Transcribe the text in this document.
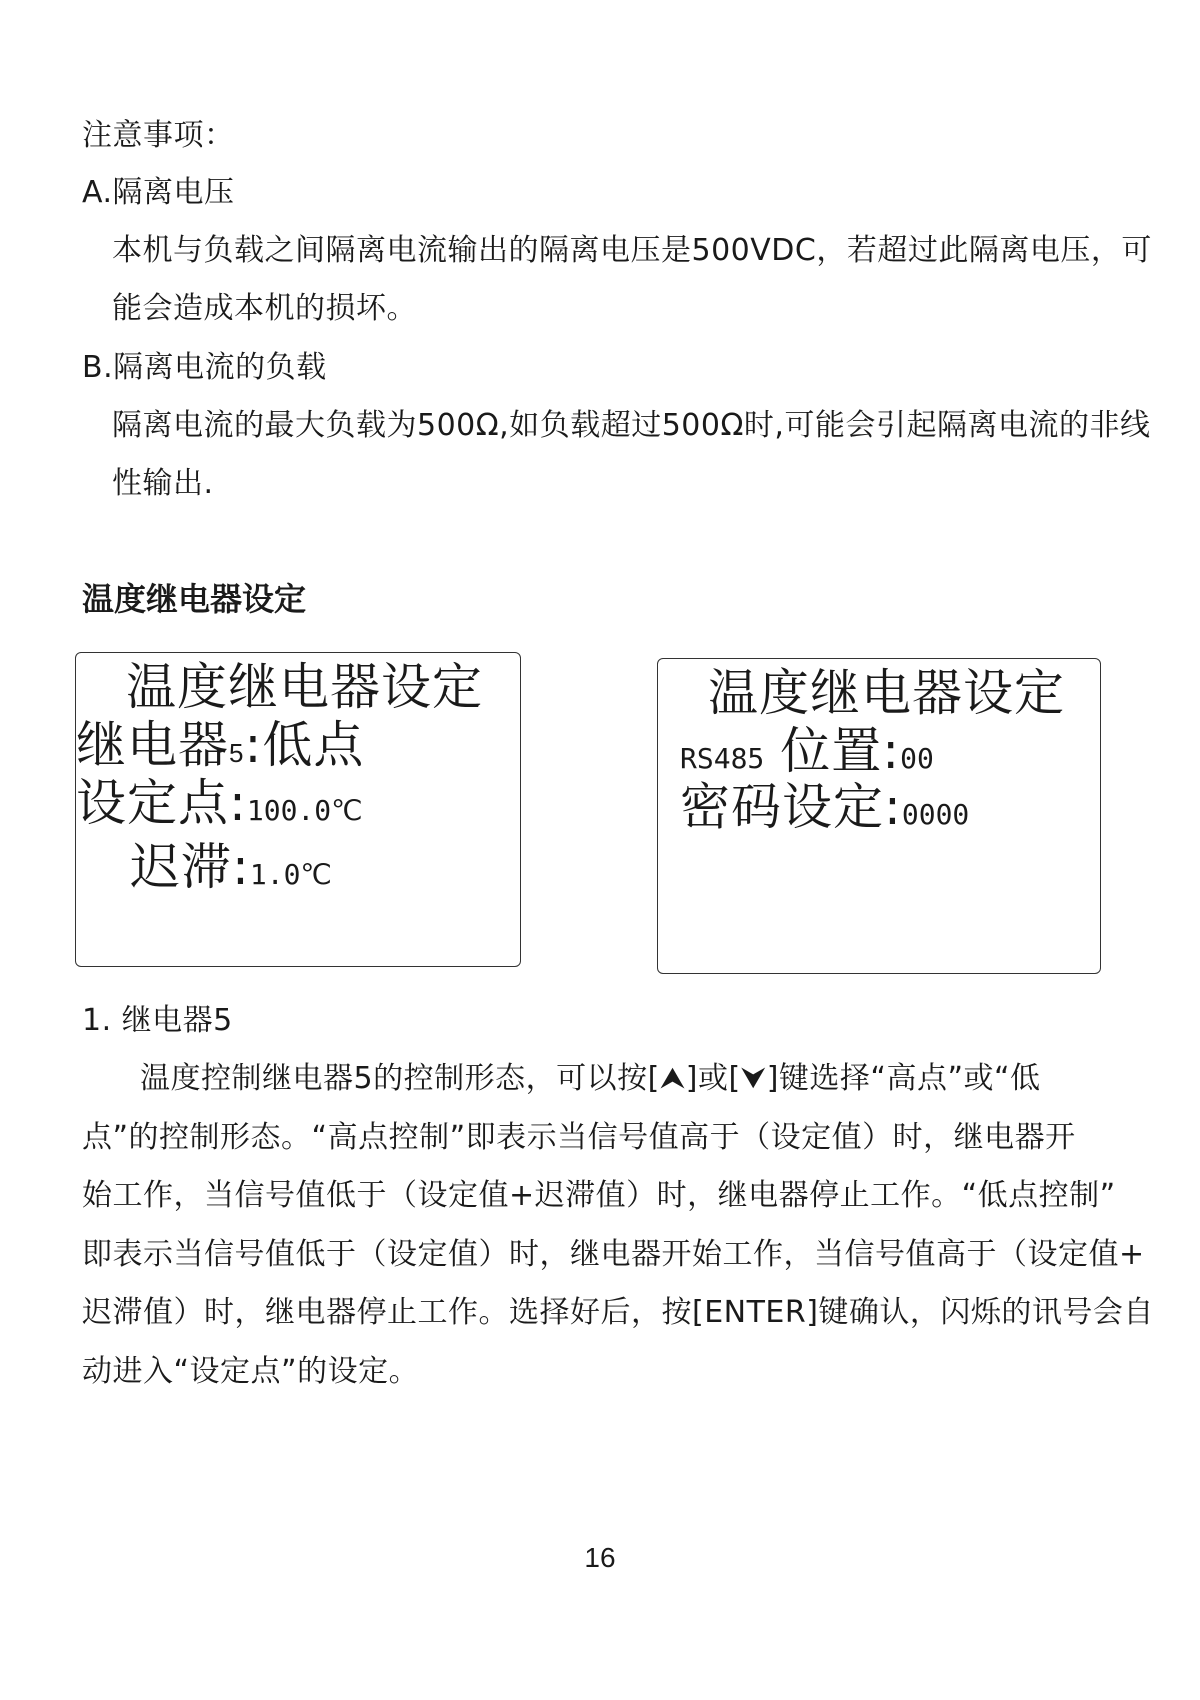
注意事项：
A.隔离电压
本机与负载之间隔离电流输出的隔离电压是500VDC，若超过此隔离电压，可
能会造成本机的损坏。
B.隔离电流的负载
隔离电流的最大负载为500Ω,如负载超过500Ω时,可能会引起隔离电流的非线
性输出.
温度继电器设定
温度继电器设定
继电器5:低点
设定点:100.0℃
迟滞:1.0℃
温度继电器设定
RS485 位置:00
密码设定:0000
1. 继电器5
温度控制继电器5的控制形态，可以按[⮝]或[⮟]键选择“高点”或“低
点”的控制形态。“高点控制”即表示当信号值高于（设定值）时，继电器开
始工作，当信号值低于（设定值+迟滞值）时，继电器停止工作。“低点控制”
即表示当信号值低于（设定值）时，继电器开始工作，当信号值高于（设定值+
迟滞值）时，继电器停止工作。选择好后，按[ENTER]键确认，闪烁的讯号会自
动进入“设定点”的设定。
16
